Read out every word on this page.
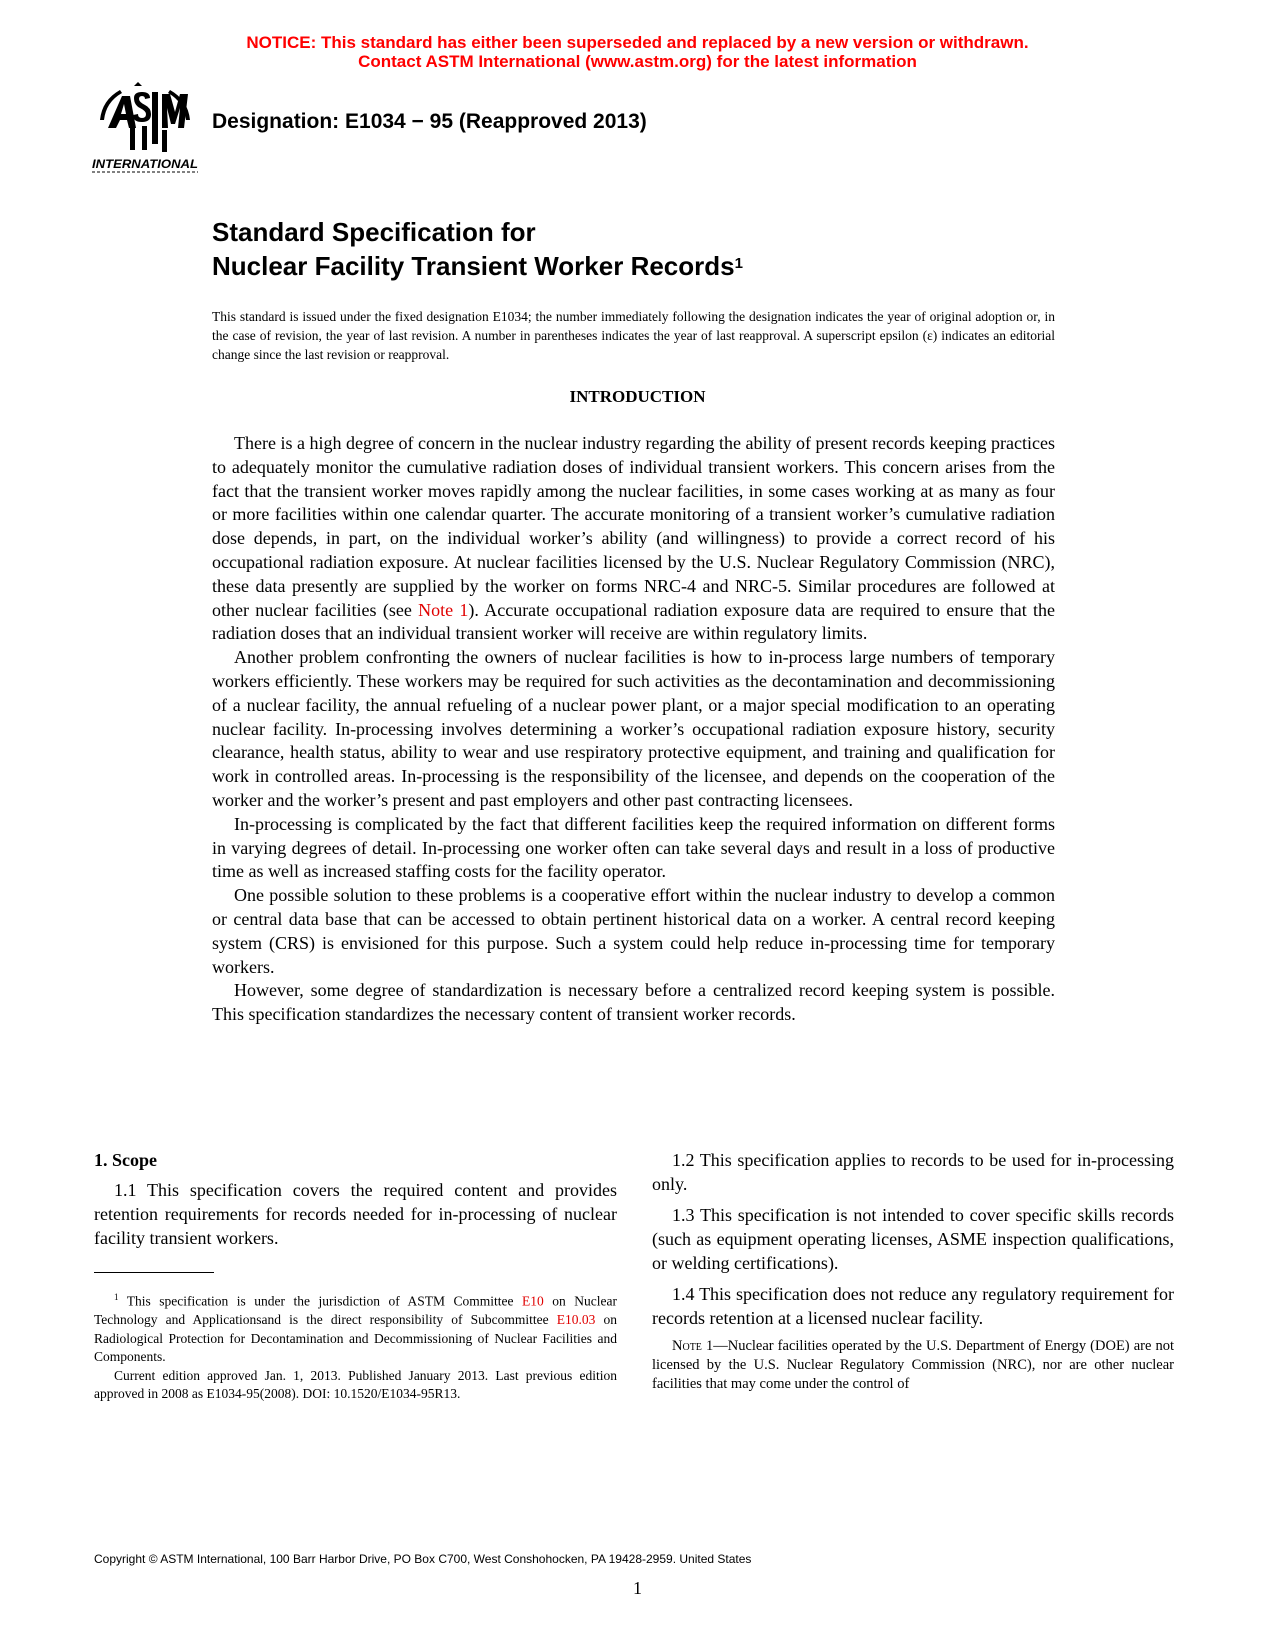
NOTICE: This standard has either been superseded and replaced by a new version or withdrawn.
Contact ASTM International (www.astm.org) for the latest information
INTERNATIONAL
Designation: E1034 − 95 (Reapproved 2013)
Standard Specification for
Nuclear Facility Transient Worker Records$^1$
This standard is issued under the fixed designation E1034; the number immediately following the designation indicates the year of original adoption or, in the case of revision, the year of last revision. A number in parentheses indicates the year of last reapproval. A superscript epsilon (ε) indicates an editorial change since the last revision or reapproval.
INTRODUCTION

There is a high degree of concern in the nuclear industry regarding the ability of present records keeping practices to adequately monitor the cumulative radiation doses of individual transient workers. This concern arises from the fact that the transient worker moves rapidly among the nuclear facilities, in some cases working at as many as four or more facilities within one calendar quarter. The accurate monitoring of a transient worker’s cumulative radiation dose depends, in part, on the individual worker’s ability (and willingness) to provide a correct record of his occupational radiation exposure. At nuclear facilities licensed by the U.S. Nuclear Regulatory Commission (NRC), these data presently are supplied by the worker on forms NRC-4 and NRC-5. Similar procedures are followed at other nuclear facilities (see Note 1). Accurate occupational radiation exposure data are required to ensure that the radiation doses that an individual transient worker will receive are within regulatory limits.

Another problem confronting the owners of nuclear facilities is how to in-process large numbers of temporary workers efficiently. These workers may be required for such activities as the decontamination and decommissioning of a nuclear facility, the annual refueling of a nuclear power plant, or a major special modification to an operating nuclear facility. In-processing involves determining a worker’s occupational radiation exposure history, security clearance, health status, ability to wear and use respiratory protective equipment, and training and qualification for work in controlled areas. In-processing is the responsibility of the licensee, and depends on the cooperation of the worker and the worker’s present and past employers and other past contracting licensees.

In-processing is complicated by the fact that different facilities keep the required information on different forms in varying degrees of detail. In-processing one worker often can take several days and result in a loss of productive time as well as increased staffing costs for the facility operator.

One possible solution to these problems is a cooperative effort within the nuclear industry to develop a common or central data base that can be accessed to obtain pertinent historical data on a worker. A central record keeping system (CRS) is envisioned for this purpose. Such a system could help reduce in-processing time for temporary workers.

However, some degree of standardization is necessary before a centralized record keeping system is possible. This specification standardizes the necessary content of transient worker records.

1. Scope

1.1 This specification covers the required content and provides retention requirements for records needed for in-processing of nuclear facility transient workers.

$^1$ This specification is under the jurisdiction of ASTM Committee E10 on Nuclear Technology and Applicationsand is the direct responsibility of Subcommittee E10.03 on Radiological Protection for Decontamination and Decommissioning of Nuclear Facilities and Components.

Current edition approved Jan. 1, 2013. Published January 2013. Last previous edition approved in 2008 as E1034-95(2008). DOI: 10.1520/E1034-95R13.

1.2 This specification applies to records to be used for in-processing only.

1.3 This specification is not intended to cover specific skills records (such as equipment operating licenses, ASME inspection qualifications, or welding certifications).

1.4 This specification does not reduce any regulatory requirement for records retention at a licensed nuclear facility.

Note 1—Nuclear facilities operated by the U.S. Department of Energy (DOE) are not licensed by the U.S. Nuclear Regulatory Commission (NRC), nor are other nuclear facilities that may come under the control of

Copyright © ASTM International, 100 Barr Harbor Drive, PO Box C700, West Conshohocken, PA 19428-2959. United States
1
